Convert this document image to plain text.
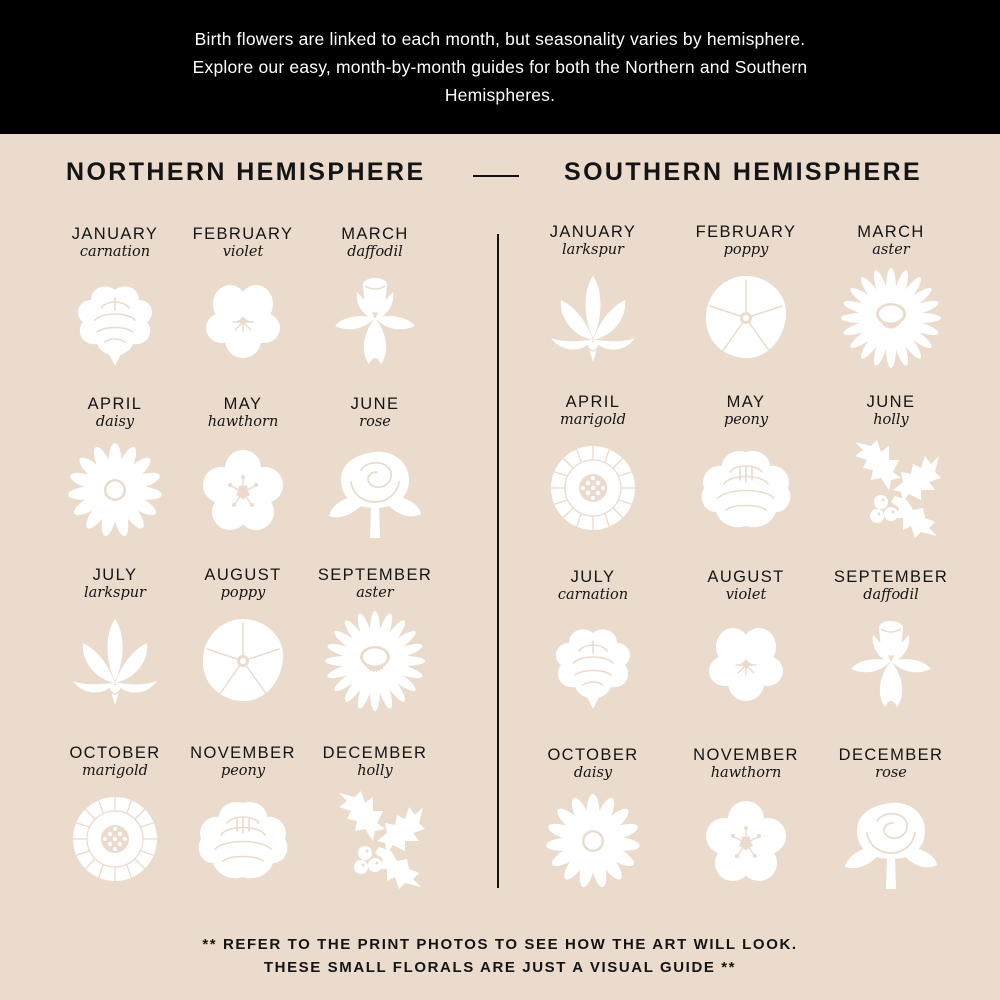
Birth flowers are linked to each month, but seasonality varies by hemisphere. Explore our easy, month-by-month guides for both the Northern and Southern Hemispheres.

NORTHERN HEMISPHERE	SOUTHERN HEMISPHERE
JANUARY
carnation
FEBRUARY
violet
MARCH
daffodil
APRIL
daisy
MAY
hawthorn
JUNE
rose
JULY
larkspur
AUGUST
poppy
SEPTEMBER
aster
OCTOBER
marigold
NOVEMBER
peony
DECEMBER
holly
JANUARY
larkspur
FEBRUARY
poppy
MARCH
aster
APRIL
marigold
MAY
peony
JUNE
holly
JULY
carnation
AUGUST
violet
SEPTEMBER
daffodil
OCTOBER
daisy
NOVEMBER
hawthorn
DECEMBER
rose
** REFER TO THE PRINT PHOTOS TO SEE HOW THE ART WILL LOOK.
THESE SMALL FLORALS ARE JUST A VISUAL GUIDE **
